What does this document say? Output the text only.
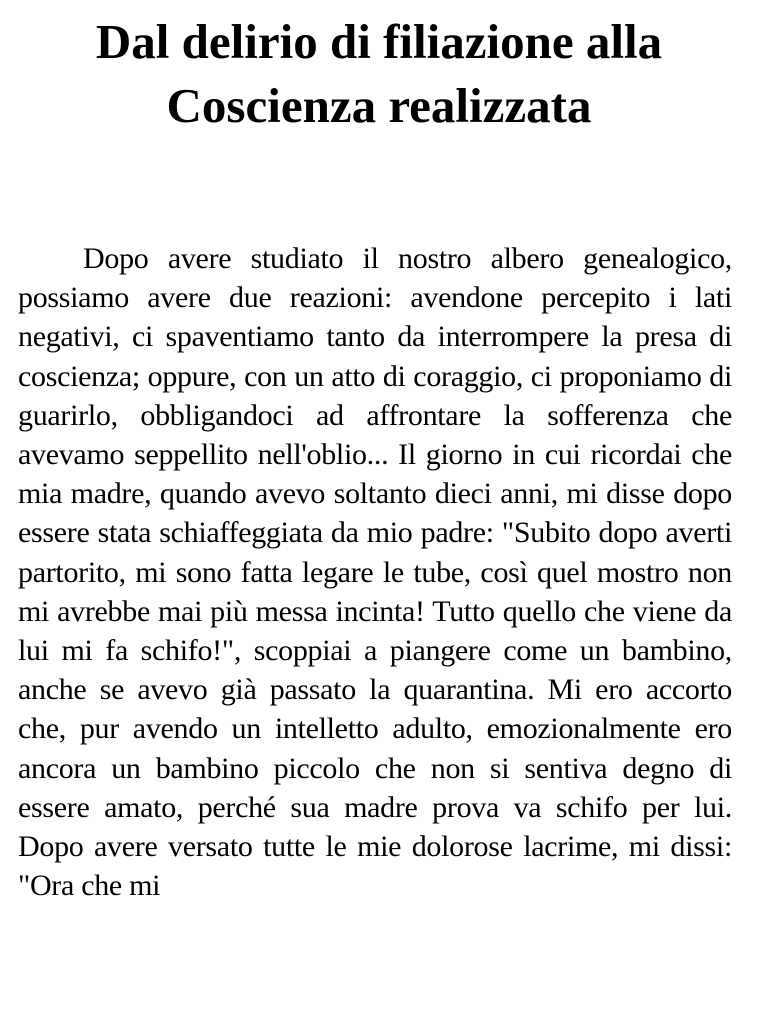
Dal delirio di filiazione alla
Coscienza realizzata

Dopo avere studiato il nostro albero genealogico, possiamo avere due reazioni: avendone percepito i lati negativi, ci spaventiamo tanto da interrompere la presa di coscienza; oppure, con un atto di coraggio, ci proponiamo di guarirlo, obbligandoci ad affrontare la sofferenza che avevamo seppellito nell'oblio... Il giorno in cui ricordai che mia madre, quando avevo soltanto dieci anni, mi disse dopo essere stata schiaffeggiata da mio padre: "Subito dopo averti partorito, mi sono fatta legare le tube, così quel mostro non mi avrebbe mai più messa incinta! Tutto quello che viene da lui mi fa schifo!", scoppiai a piangere come un bambino, anche se avevo già passato la quarantina. Mi ero accorto che, pur avendo un intelletto adulto, emozionalmente ero ancora un bambino piccolo che non si sentiva degno di essere amato, perché sua madre prova va schifo per lui. Dopo avere versato tutte le mie dolorose lacrime, mi dissi: "Ora che mi
